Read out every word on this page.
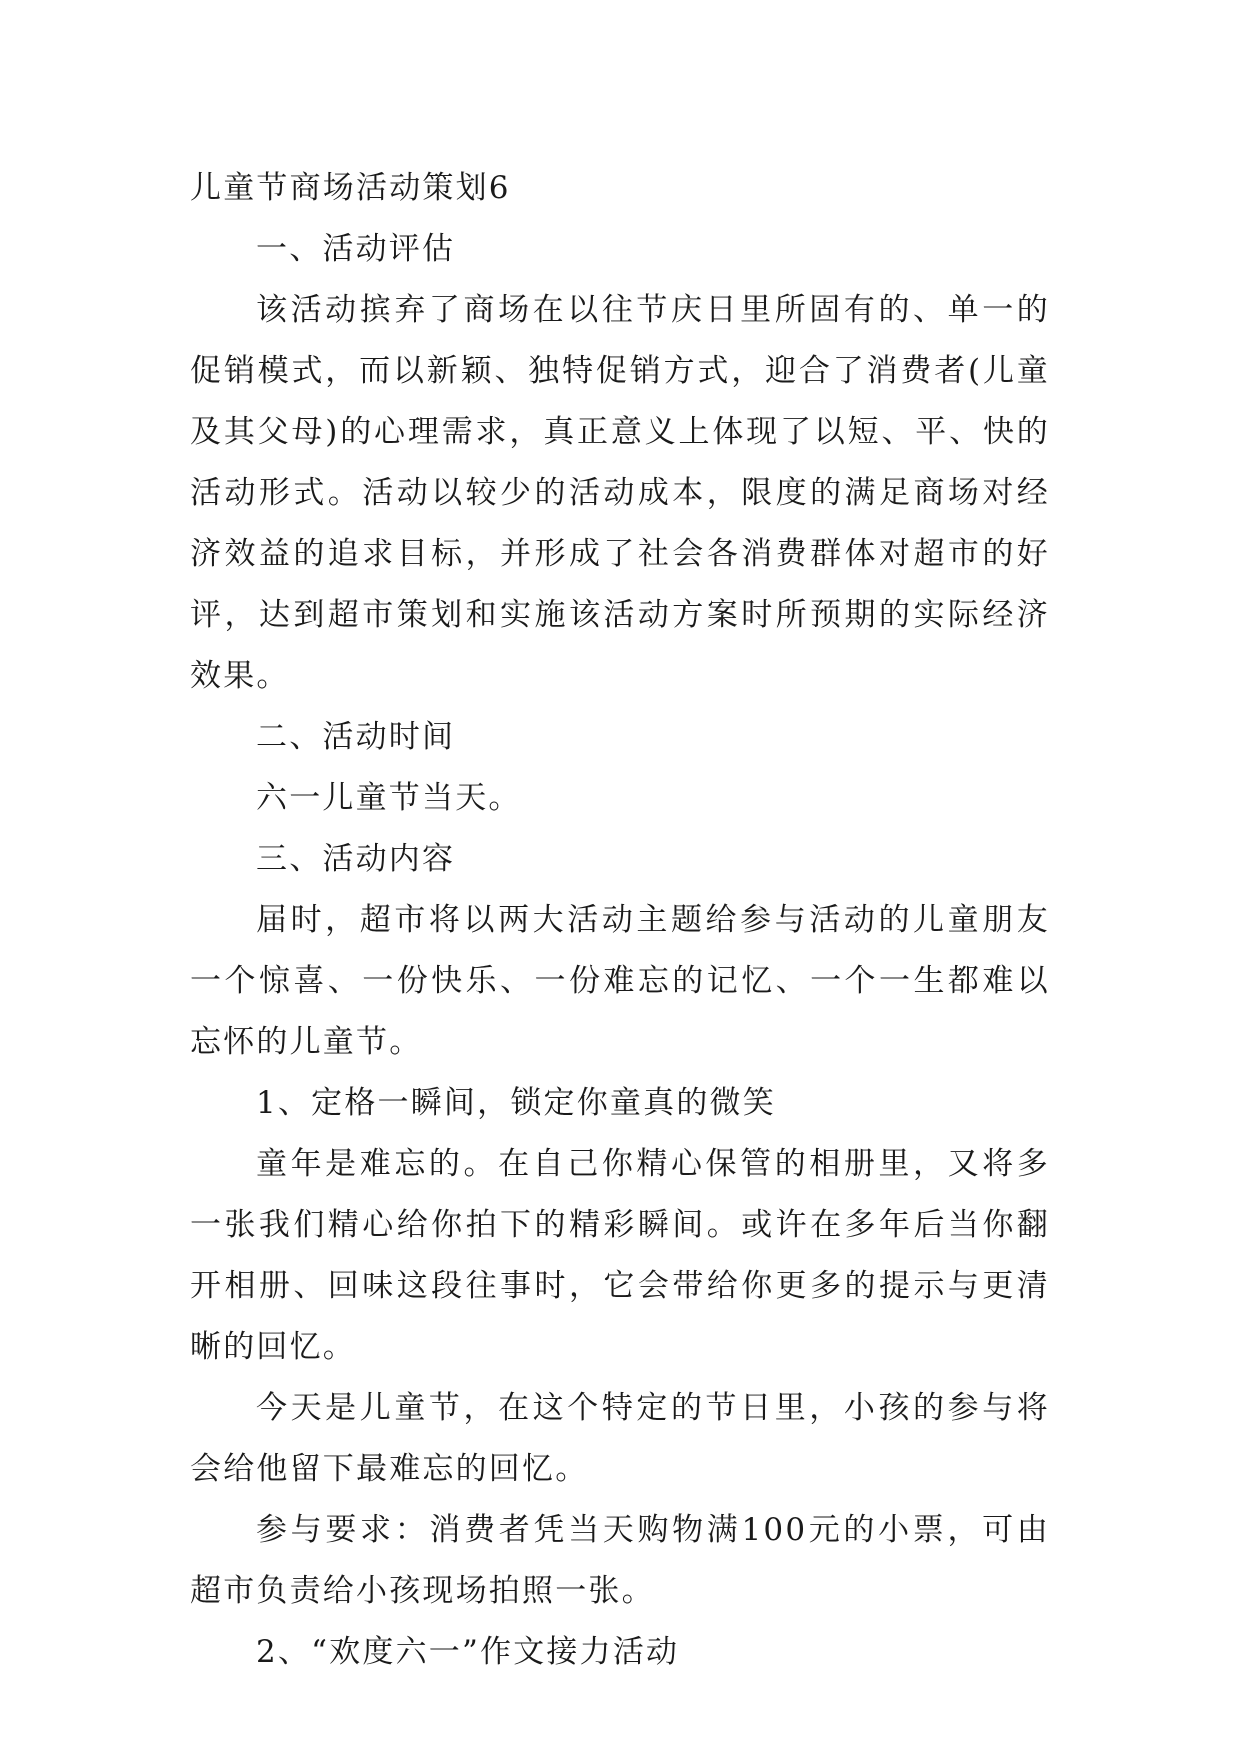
儿童节商场活动策划6
一、活动评估

该活动摈弃了商场在以往节庆日里所固有的、单一的促销模式，而以新颖、独特促销方式，迎合了消费者(儿童及其父母)的心理需求，真正意义上体现了以短、平、快的活动形式。活动以较少的活动成本，限度的满足商场对经济效益的追求目标，并形成了社会各消费群体对超市的好评，达到超市策划和实施该活动方案时所预期的实际经济效果。

二、活动时间

六一儿童节当天。

三、活动内容

届时，超市将以两大活动主题给参与活动的儿童朋友一个惊喜、一份快乐、一份难忘的记忆、一个一生都难以忘怀的儿童节。

1、定格一瞬间，锁定你童真的微笑

童年是难忘的。在自己你精心保管的相册里，又将多一张我们精心给你拍下的精彩瞬间。或许在多年后当你翻开相册、回味这段往事时，它会带给你更多的提示与更清晰的回忆。

今天是儿童节，在这个特定的节日里，小孩的参与将会给他留下最难忘的回忆。

参与要求：消费者凭当天购物满100元的小票，可由超市负责给小孩现场拍照一张。

2、“欢度六一”作文接力活动
